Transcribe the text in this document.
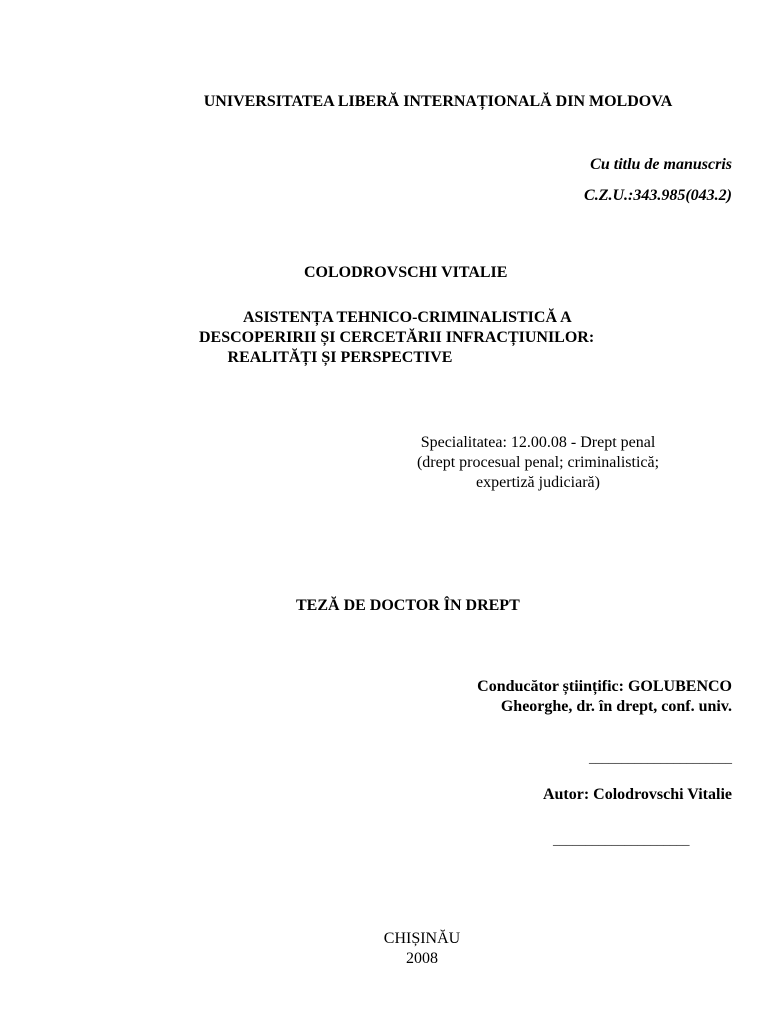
UNIVERSITATEA LIBERĂ INTERNAȚIONALĂ DIN MOLDOVA
Cu titlu de manuscris
C.Z.U.:343.985(043.2)
COLODROVSCHI VITALIE
ASISTENȚA TEHNICO-CRIMINALISTICĂ A
DESCOPERIRII ȘI CERCETĂRII INFRACȚIUNILOR:
REALITĂȚI ȘI PERSPECTIVE
Specialitatea: 12.00.08 - Drept penal
(drept procesual penal; criminalistică;
expertiză judiciară)
TEZĂ DE DOCTOR ÎN DREPT
Conducător științific: GOLUBENCO
Gheorghe, dr. în drept, conf. univ.
______________________
Autor: Colodrovschi Vitalie
_____________________
CHIȘINĂU
2008
